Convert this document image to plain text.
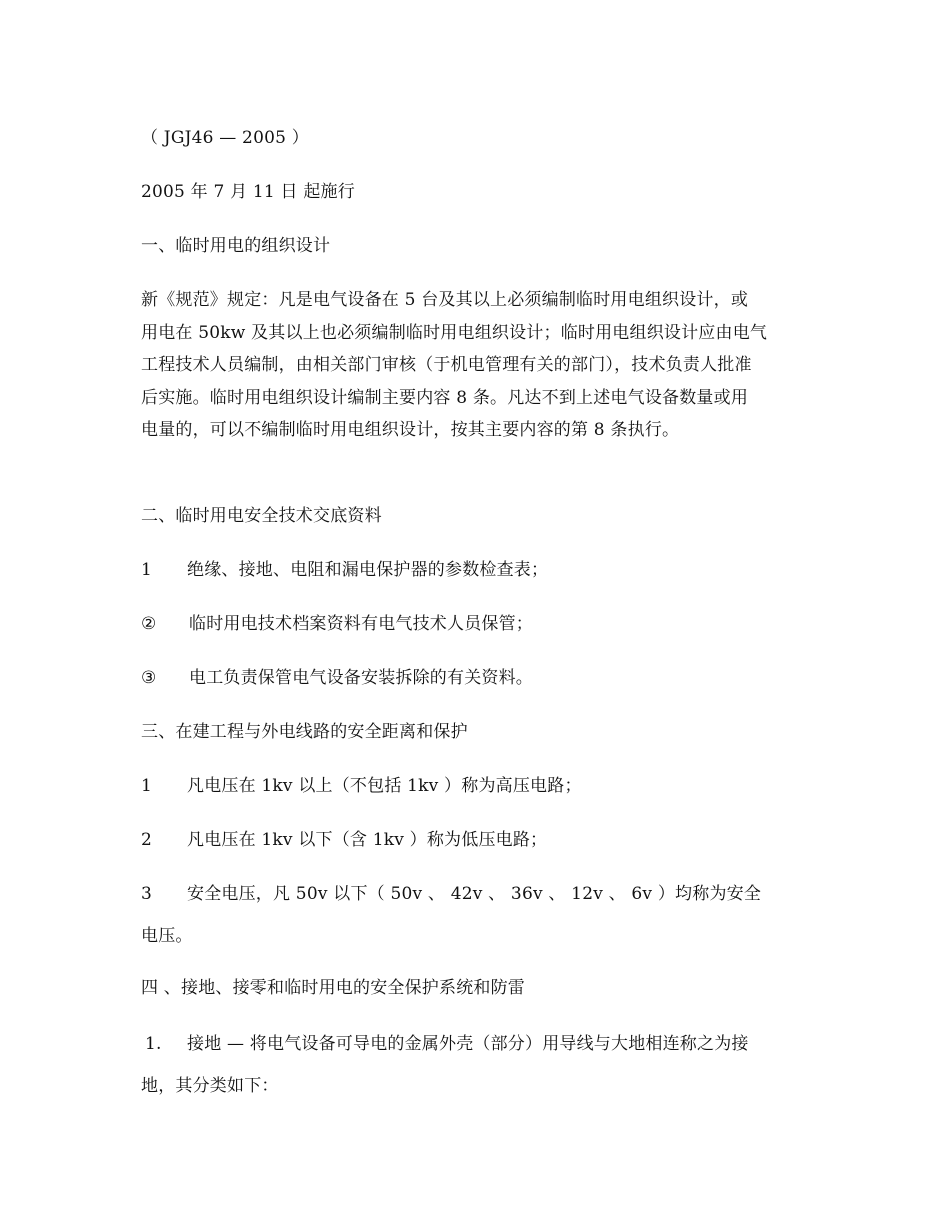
（ JGJ46 — 2005 ）
2005 年 7 月 11 日 起施行
一、临时用电的组织设计
新《规范》规定：凡是电气设备在 5 台及其以上必须编制临时用电组织设计，或
用电在 50kw 及其以上也必须编制临时用电组织设计；临时用电组织设计应由电气
工程技术人员编制，由相关部门审核（于机电管理有关的部门），技术负责人批准
后实施。临时用电组织设计编制主要内容 8 条。凡达不到上述电气设备数量或用
电量的，可以不编制临时用电组织设计，按其主要内容的第 8 条执行。
二、临时用电安全技术交底资料
1 绝缘、接地、电阻和漏电保护器的参数检查表；
② 临时用电技术档案资料有电气技术人员保管；
③ 电工负责保管电气设备安装拆除的有关资料。
三、在建工程与外电线路的安全距离和保护
1 凡电压在 1kv 以上（不包括 1kv ）称为高压电路；
2 凡电压在 1kv 以下（含 1kv ）称为低压电路；
3 安全电压，凡 50v 以下（ 50v 、 42v 、 36v 、 12v 、 6v ）均称为安全
电压。
四 、接地、接零和临时用电的安全保护系统和防雷
1. 接地 — 将电气设备可导电的金属外壳（部分）用导线与大地相连称之为接
地，其分类如下：
